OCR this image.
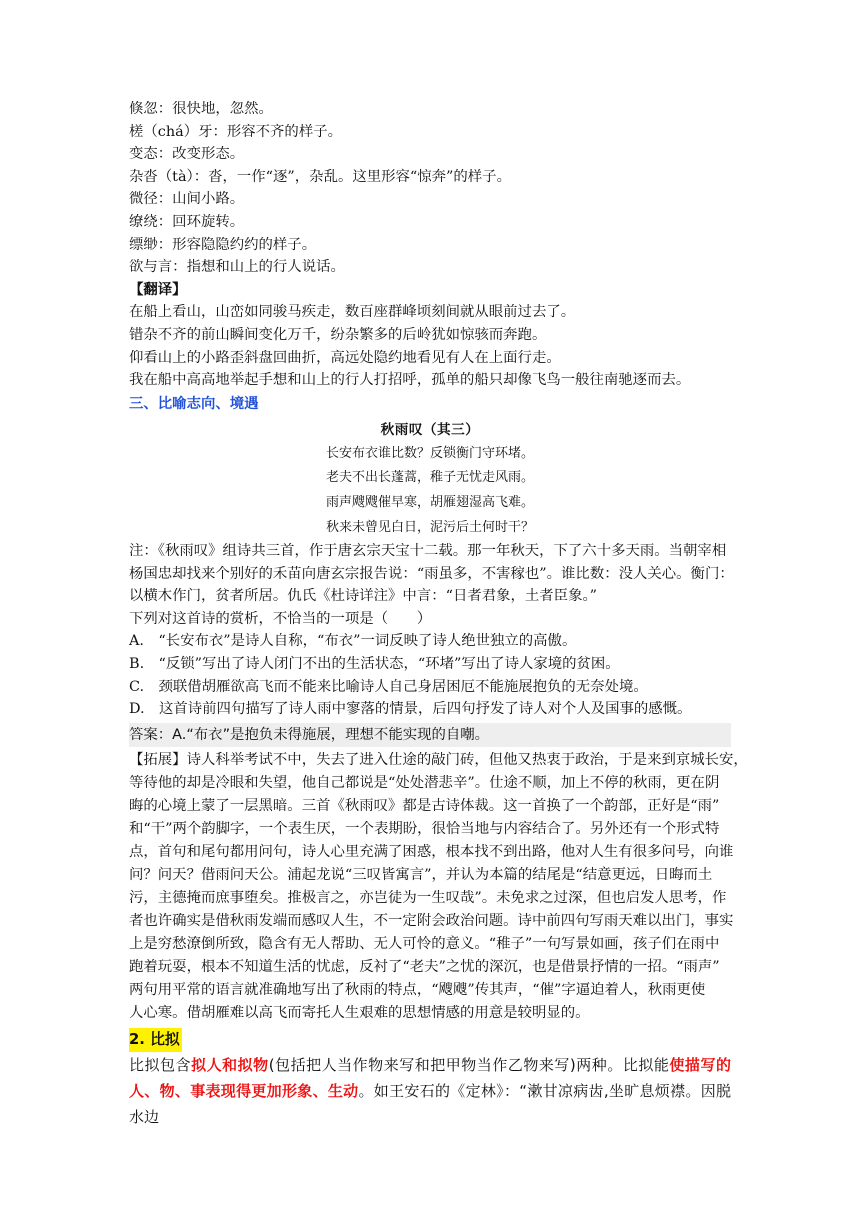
倏忽：很快地，忽然。
槎（chá）牙：形容不齐的样子。
变态：改变形态。
杂沓（tà）：沓，一作“逐”，杂乱。这里形容“惊奔”的样子。
微径：山间小路。
缭绕：回环旋转。
缥缈：形容隐隐约约的样子。
欲与言：指想和山上的行人说话。
【翻译】
在船上看山，山峦如同骏马疾走，数百座群峰顷刻间就从眼前过去了。
错杂不齐的前山瞬间变化万千，纷杂繁多的后岭犹如惊骇而奔跑。
仰看山上的小路歪斜盘回曲折，高远处隐约地看见有人在上面行走。
我在船中高高地举起手想和山上的行人打招呼，孤单的船只却像飞鸟一般往南驰逐而去。
三、比喻志向、境遇
秋雨叹（其三）
长安布衣谁比数？反锁衡门守环堵。
老夫不出长蓬蒿，稚子无忧走风雨。
雨声飕飕催早寒，胡雁翅湿高飞难。
秋来未曾见白日，泥污后土何时干？
注：《秋雨叹》组诗共三首，作于唐玄宗天宝十二载。那一年秋天，下了六十多天雨。当朝宰相
杨国忠却找来个别好的禾苗向唐玄宗报告说：“雨虽多，不害稼也”。谁比数：没人关心。衡门：
以横木作门，贫者所居。仇氏《杜诗详注》中言：“日者君象，土者臣象。”
下列对这首诗的赏析，不恰当的一项是（　　）
A.　“长安布衣”是诗人自称，“布衣”一词反映了诗人绝世独立的高傲。
B.　“反锁”写出了诗人闭门不出的生活状态，“环堵”写出了诗人家境的贫困。
C.　颈联借胡雁欲高飞而不能来比喻诗人自己身居困厄不能施展抱负的无奈处境。
D.　这首诗前四句描写了诗人雨中寥落的情景，后四句抒发了诗人对个人及国事的感慨。
答案：A.“布衣”是抱负未得施展，理想不能实现的自嘲。
【拓展】诗人科举考试不中，失去了进入仕途的敲门砖，但他又热衷于政治，于是来到京城长安，
等待他的却是冷眼和失望，他自己都说是“处处潜悲辛”。仕途不顺，加上不停的秋雨，更在阴
晦的心境上蒙了一层黑暗。三首《秋雨叹》都是古诗体裁。这一首换了一个韵部，正好是“雨”
和“干”两个韵脚字，一个表生厌，一个表期盼，很恰当地与内容结合了。另外还有一个形式特
点，首句和尾句都用问句，诗人心里充满了困惑，根本找不到出路，他对人生有很多问号，向谁
问？问天？借雨问天公。浦起龙说“三叹皆寓言”，并认为本篇的结尾是“结意更远，日晦而土
污，主德掩而庶事堕矣。推极言之，亦岂徒为一生叹哉”。未免求之过深，但也启发人思考，作
者也许确实是借秋雨发端而感叹人生，不一定附会政治问题。诗中前四句写雨天难以出门，事实
上是穷愁潦倒所致，隐含有无人帮助、无人可怜的意义。“稚子”一句写景如画，孩子们在雨中
跑着玩耍，根本不知道生活的忧虑，反衬了“老夫”之忧的深沉，也是借景抒情的一招。“雨声”
两句用平常的语言就准确地写出了秋雨的特点，“飕飕”传其声，“催”字逼迫着人，秋雨更使
人心寒。借胡雁难以高飞而寄托人生艰难的思想情感的用意是较明显的。
2. 比拟
比拟包含拟人和拟物(包括把人当作物来写和把甲物当作乙物来写)两种。比拟能使描写的人、物、事表现得更加形象、生动。如王安石的《定林》：“漱甘凉病齿,坐旷息烦襟。因脱水边
